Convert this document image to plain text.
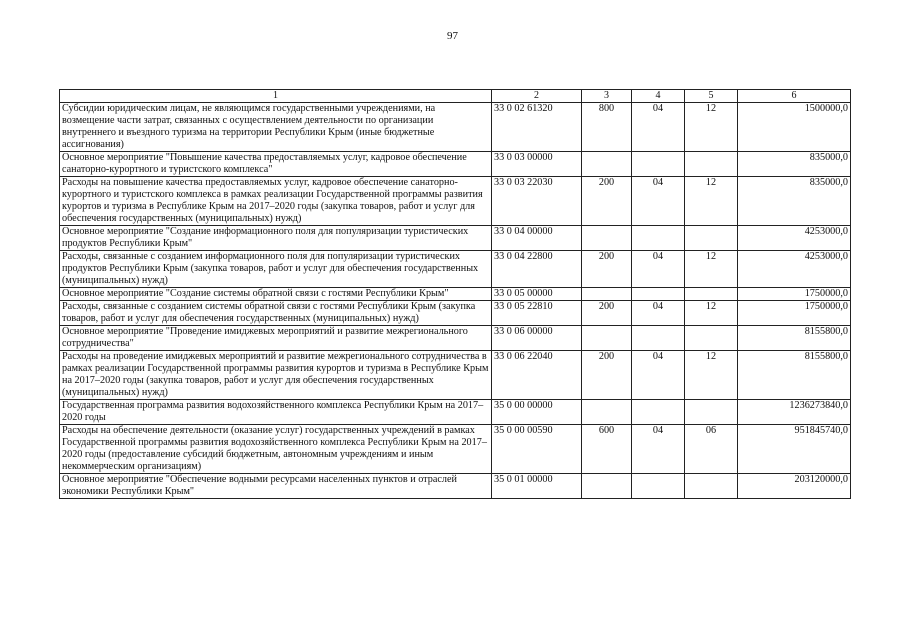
97
1	2	3	4	5	6
Субсидии юридическим лицам, не являющимся государственными учреждениями, на возмещение части затрат, связанных с осуществлением деятельности по организации внутреннего и въездного туризма на территории Республики Крым (иные бюджетные ассигнования)	33 0 02 61320	800	04	12	1500000,0
Основное мероприятие "Повышение качества предоставляемых услуг, кадровое обеспечение санаторно-курортного и туристского комплекса"	33 0 03 00000				835000,0
Расходы на повышение качества предоставляемых услуг, кадровое обеспечение санаторно-курортного и туристского комплекса в рамках реализации Государственной программы развития курортов и туризма в Республике Крым на 2017–2020 годы (закупка товаров, работ и услуг для обеспечения государственных (муниципальных) нужд)	33 0 03 22030	200	04	12	835000,0
Основное мероприятие "Создание информационного поля для популяризации туристических продуктов Республики Крым"	33 0 04 00000				4253000,0
Расходы, связанные с созданием информационного поля для популяризации туристических продуктов Республики Крым (закупка товаров, работ и услуг для обеспечения государственных (муниципальных) нужд)	33 0 04 22800	200	04	12	4253000,0
Основное мероприятие "Создание системы обратной связи с гостями Республики Крым"	33 0 05 00000				1750000,0
Расходы, связанные с созданием системы обратной связи с гостями Республики Крым (закупка товаров, работ и услуг для обеспечения государственных (муниципальных) нужд)	33 0 05 22810	200	04	12	1750000,0
Основное мероприятие "Проведение имиджевых мероприятий и развитие межрегионального сотрудничества"	33 0 06 00000				8155800,0
Расходы на проведение имиджевых мероприятий и развитие межрегионального сотрудничества в рамках реализации Государственной программы развития курортов и туризма в Республике Крым на 2017–2020 годы (закупка товаров, работ и услуг для обеспечения государственных (муниципальных) нужд)	33 0 06 22040	200	04	12	8155800,0
Государственная программа развития водохозяйственного комплекса Республики Крым на 2017–2020 годы	35 0 00 00000				1236273840,0
Расходы на обеспечение деятельности (оказание услуг) государственных учреждений в рамках Государственной программы развития водохозяйственного комплекса Республики Крым на 2017–2020 годы (предоставление субсидий бюджетным, автономным учреждениям и иным некоммерческим организациям)	35 0 00 00590	600	04	06	951845740,0
Основное мероприятие "Обеспечение водными ресурсами населенных пунктов и отраслей экономики Республики Крым"	35 0 01 00000				203120000,0
